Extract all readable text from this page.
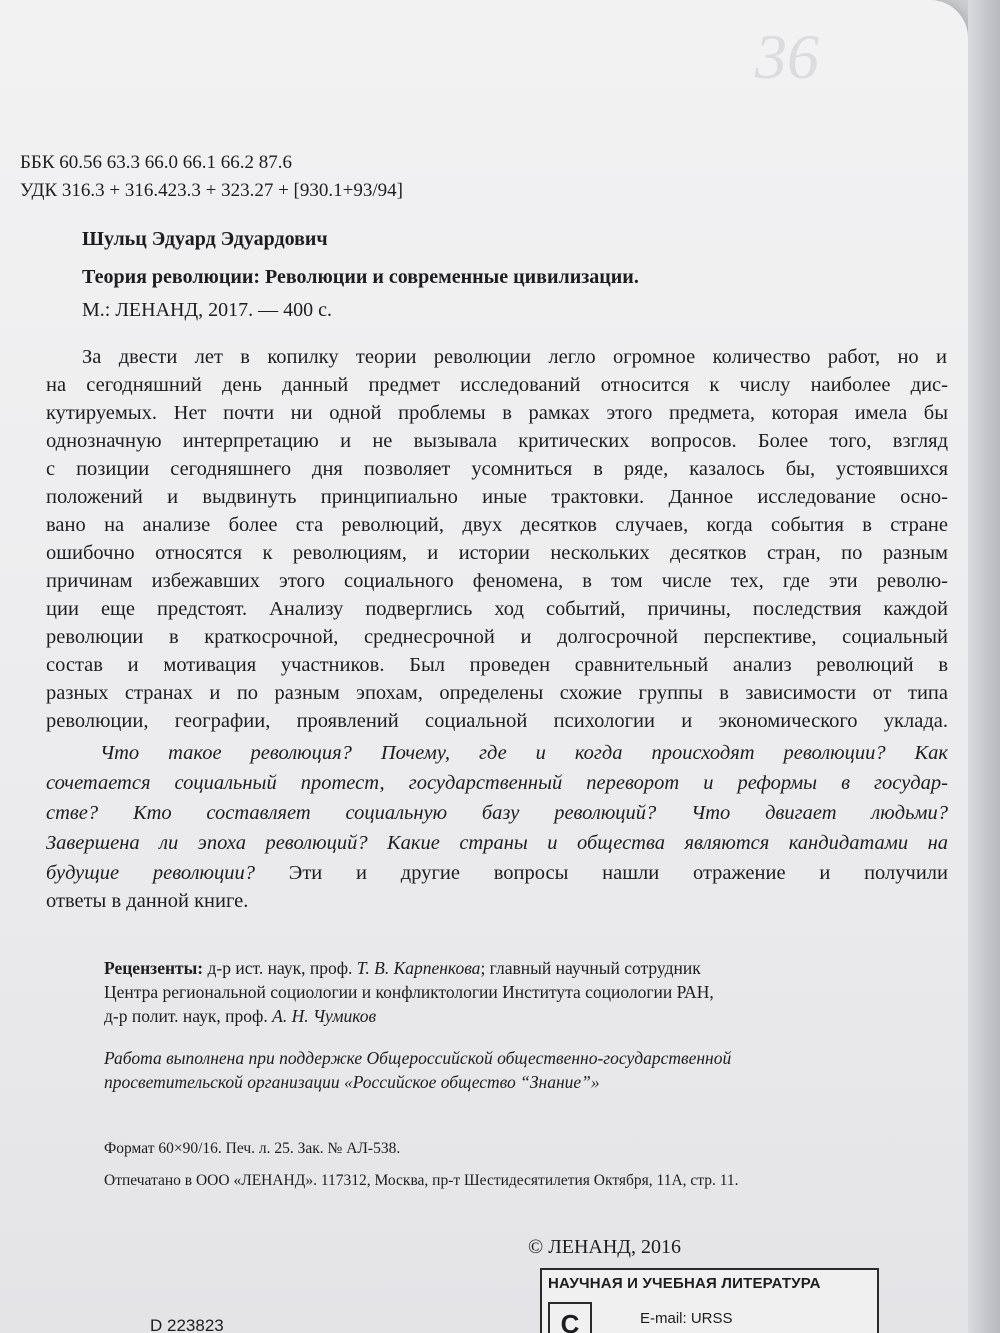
36
ББК 60.56 63.3 66.0 66.1 66.2 87.6
УДК 316.3 + 316.423.3 + 323.27 + [930.1+93/94]
Шульц Эдуард Эдуардович
Теория революции: Революции и современные цивилизации.
М.: ЛЕНАНД, 2017. — 400 с.
За двести лет в копилку теории революции легло огромное количество работ, но и
на сегодняшний день данный предмет исследований относится к числу наиболее дис-
кутируемых. Нет почти ни одной проблемы в рамках этого предмета, которая имела бы
однозначную интерпретацию и не вызывала критических вопросов. Более того, взгляд
с позиции сегодняшнего дня позволяет усомниться в ряде, казалось бы, устоявшихся
положений и выдвинуть принципиально иные трактовки. Данное исследование осно-
вано на анализе более ста революций, двух десятков случаев, когда события в стране
ошибочно относятся к революциям, и истории нескольких десятков стран, по разным
причинам избежавших этого социального феномена, в том числе тех, где эти револю-
ции еще предстоят. Анализу подверглись ход событий, причины, последствия каждой
революции в краткосрочной, среднесрочной и долгосрочной перспективе, социальный
состав и мотивация участников. Был проведен сравнительный анализ революций в
разных странах и по разным эпохам, определены схожие группы в зависимости от типа
революции, географии, проявлений социальной психологии и экономического уклада.
Что такое революция? Почему, где и когда происходят революции? Как
сочетается социальный протест, государственный переворот и реформы в государ-
стве? Кто составляет социальную базу революций? Что двигает людьми?
Завершена ли эпоха революций? Какие страны и общества являются кандидатами на
будущие революции? Эти и другие вопросы нашли отражение и получили
ответы в данной книге.
Рецензенты: д-р ист. наук, проф. Т. В. Карпенкова; главный научный сотрудник
Центра региональной социологии и конфликтологии Института социологии РАН,
д-р полит. наук, проф. А. Н. Чумиков
Работа выполнена при поддержке Общероссийской общественно-государственной
просветительской организации «Российское общество “Знание”»
Формат 60×90/16. Печ. л. 25. Зак. № АЛ-538.
Отпечатано в ООО «ЛЕНАНД». 117312, Москва, пр-т Шестидесятилетия Октября, 11А, стр. 11.
© ЛЕНАНД, 2016
НАУЧНАЯ И УЧЕБНАЯ ЛИТЕРАТУРА
С	E-mail: URSS
D 223823
